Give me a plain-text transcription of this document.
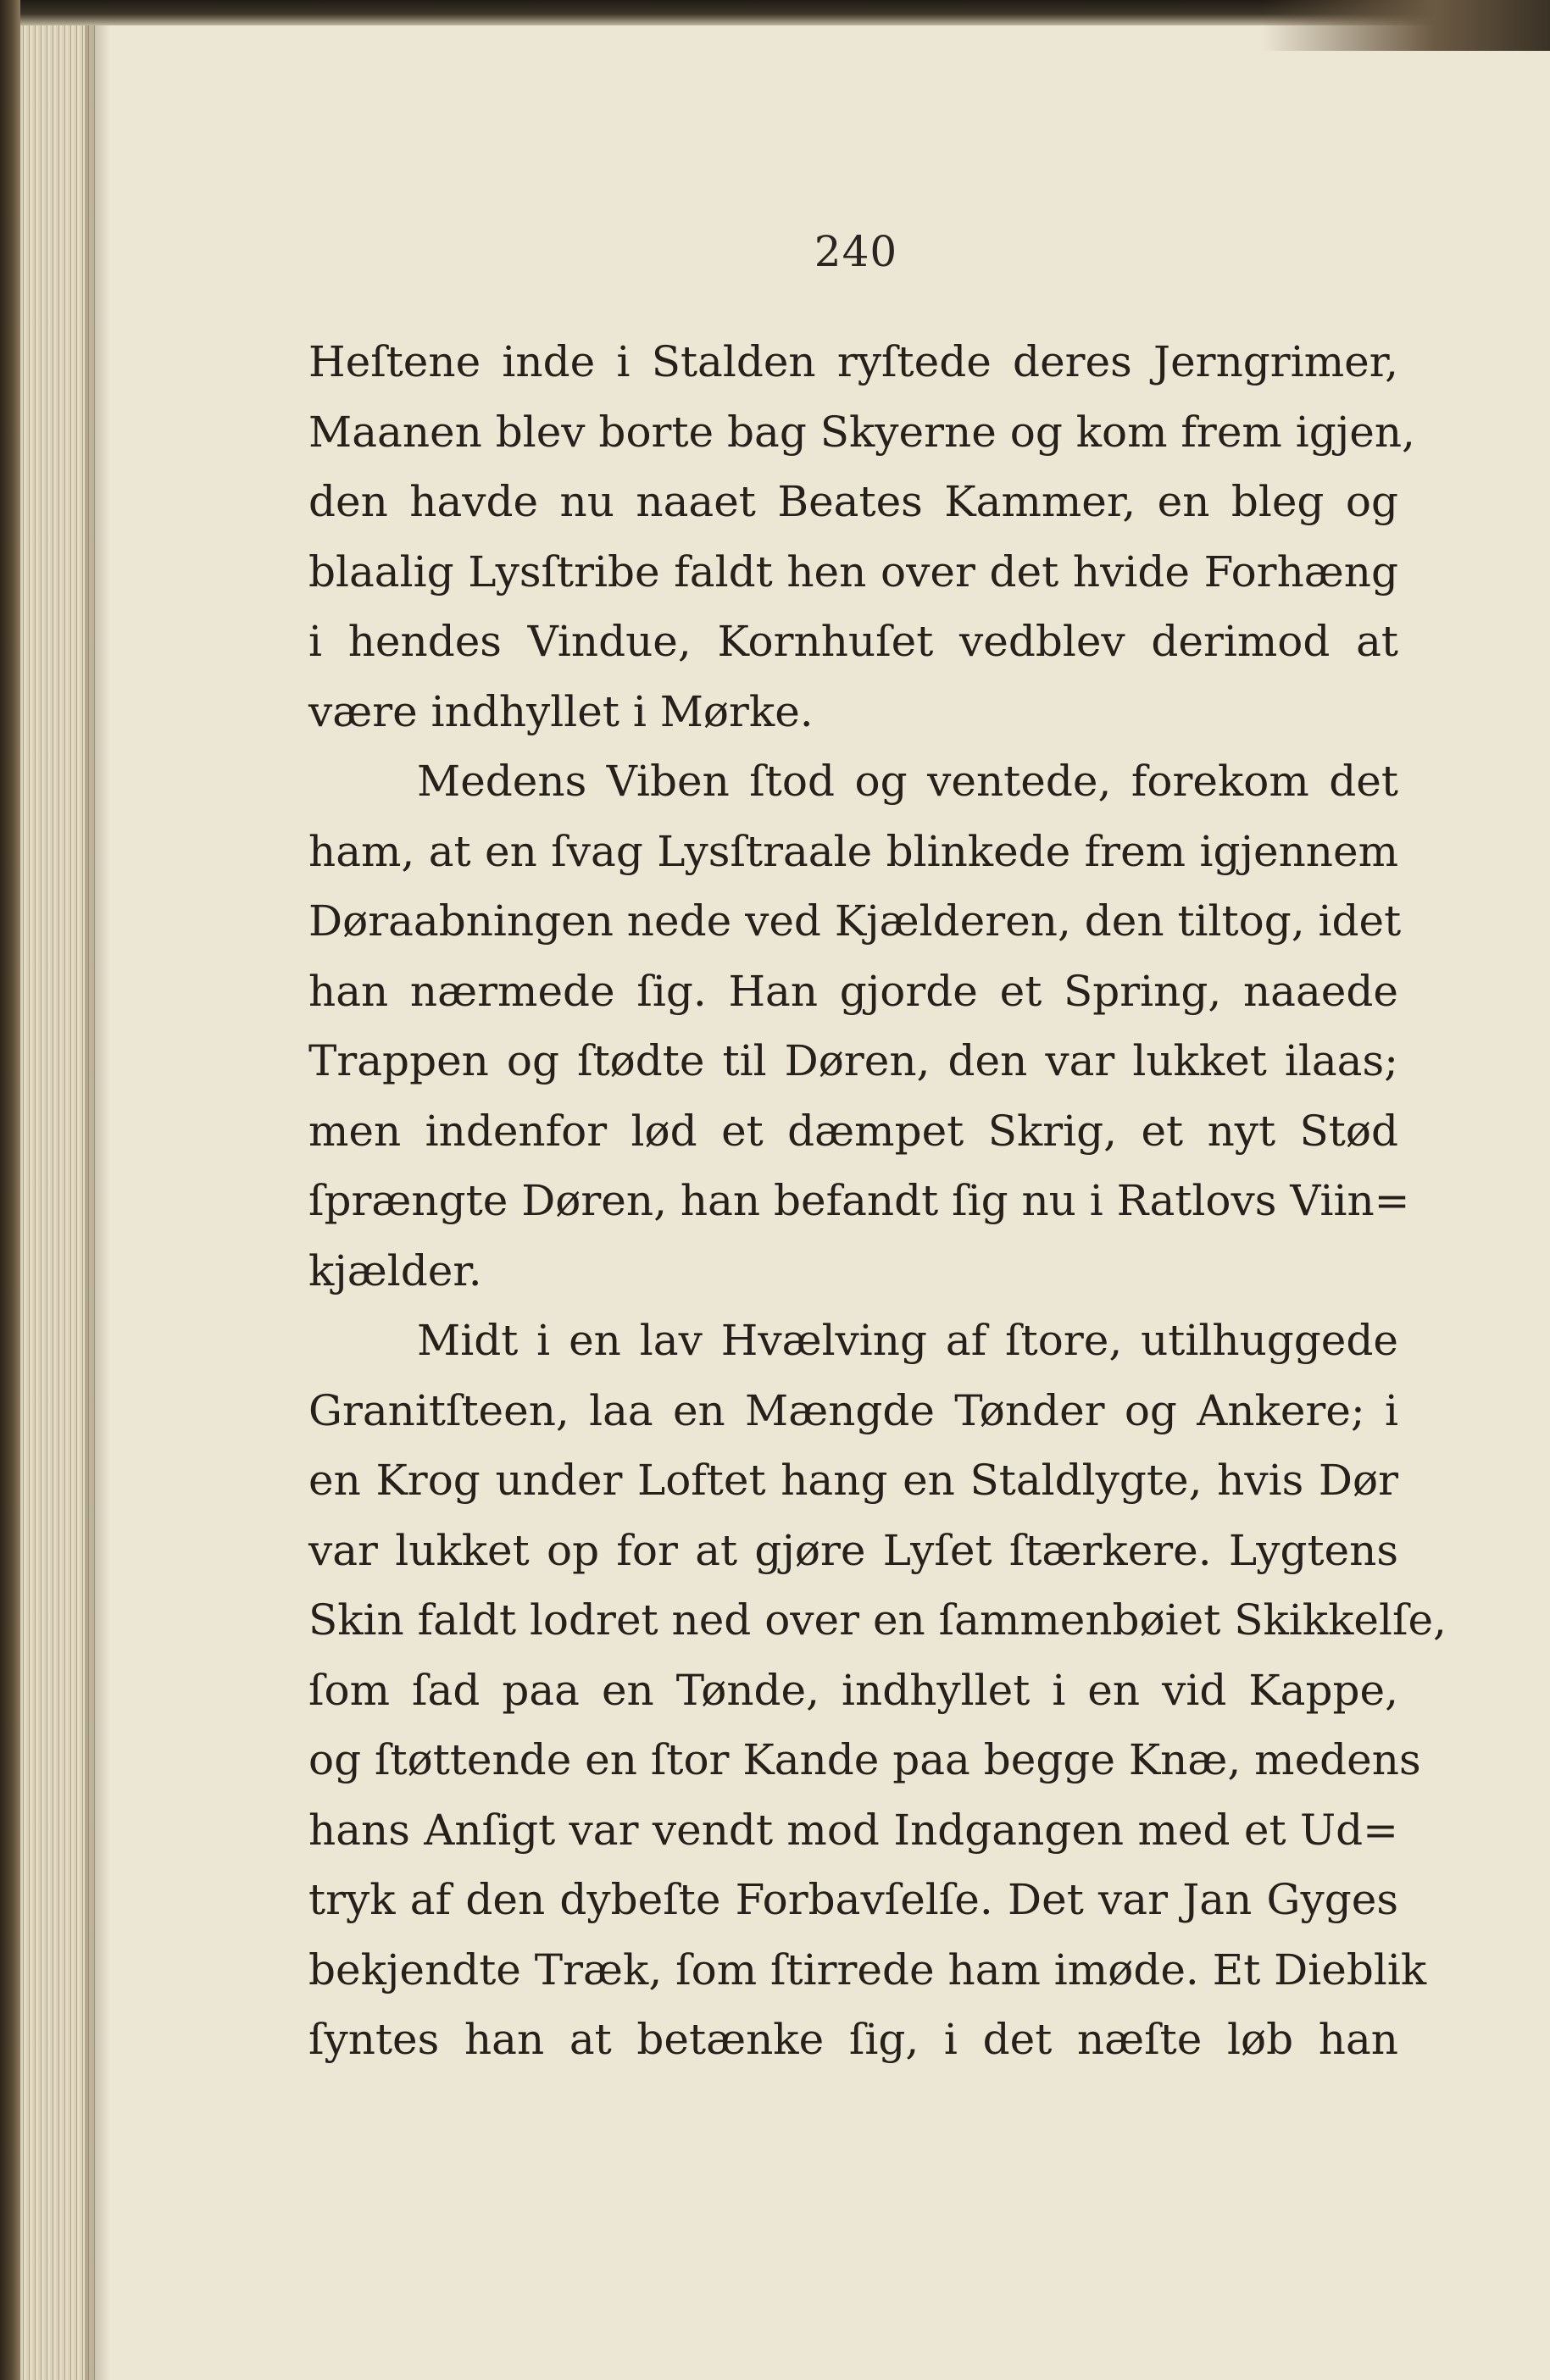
240
Heſtene inde i Stalden ryſtede deres Jerngrimer,
Maanen blev borte bag Skyerne og kom frem igjen,
den havde nu naaet Beates Kammer, en bleg og
blaalig Lysſtribe faldt hen over det hvide Forhæng
i hendes Vindue, Kornhuſet vedblev derimod at
være indhyllet i Mørke.
Medens Viben ſtod og ventede, forekom det
ham, at en ſvag Lysſtraale blinkede frem igjennem
Døraabningen nede ved Kjælderen, den tiltog, idet
han nærmede ſig. Han gjorde et Spring, naaede
Trappen og ſtødte til Døren, den var lukket ilaas;
men indenfor lød et dæmpet Skrig, et nyt Stød
ſprængte Døren, han befandt ſig nu i Ratlovs Viin=
kjælder.
Midt i en lav Hvælving af ſtore, utilhuggede
Granitſteen, laa en Mængde Tønder og Ankere; i
en Krog under Loftet hang en Staldlygte, hvis Dør
var lukket op for at gjøre Lyſet ſtærkere. Lygtens
Skin faldt lodret ned over en ſammenbøiet Skikkelſe,
ſom ſad paa en Tønde, indhyllet i en vid Kappe,
og ſtøttende en ſtor Kande paa begge Knæ, medens
hans Anſigt var vendt mod Indgangen med et Ud=
tryk af den dybeſte Forbavſelſe. Det var Jan Gyges
bekjendte Træk, ſom ſtirrede ham imøde. Et Dieblik
ſyntes han at betænke ſig, i det næſte løb han
